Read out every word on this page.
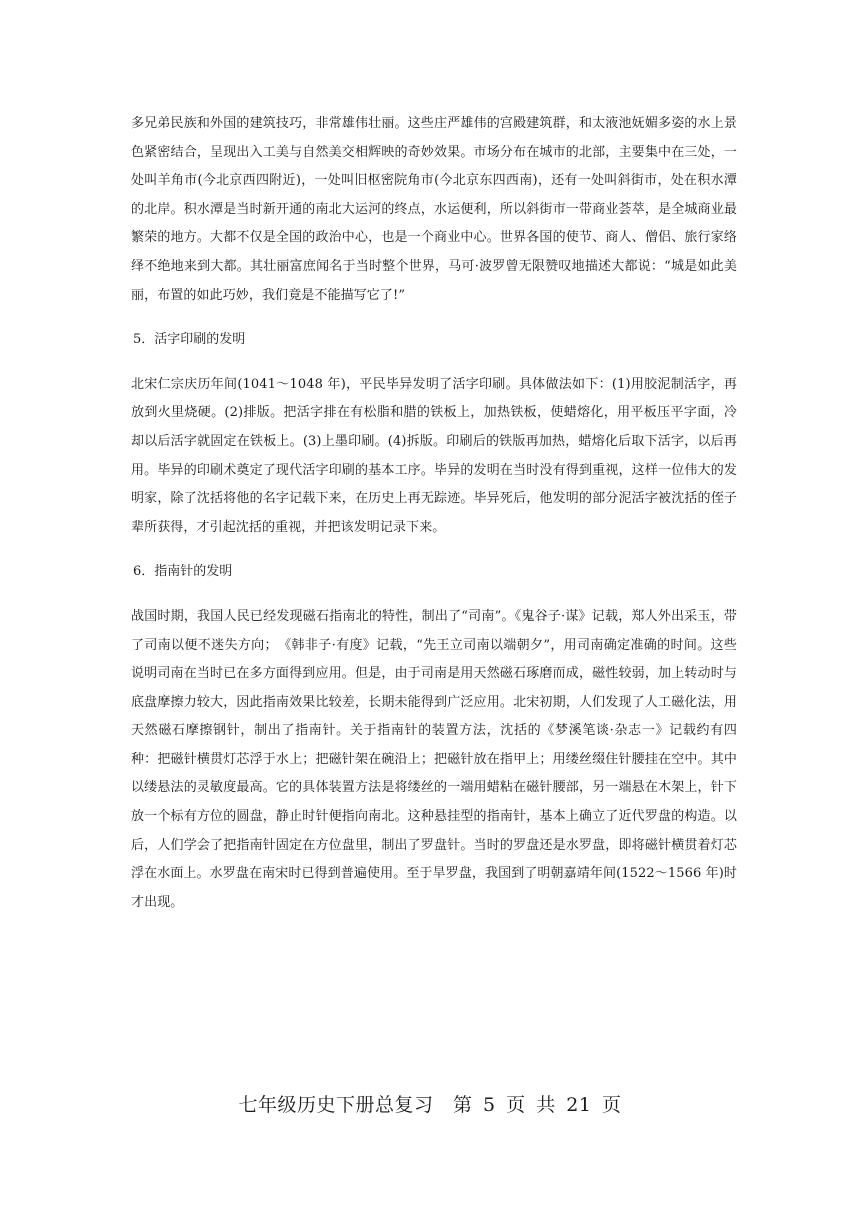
多兄弟民族和外国的建筑技巧，非常雄伟壮丽。这些庄严雄伟的宫殿建筑群，和太液池妩媚多姿的水上景色紧密结合，呈现出入工美与自然美交相辉映的奇妙效果。市场分布在城市的北部，主要集中在三处，一处叫羊角市(今北京西四附近)，一处叫旧枢密院角市(今北京东四西南)，还有一处叫斜街市，处在积水潭的北岸。积水潭是当时新开通的南北大运河的终点，水运便利，所以斜街市一带商业荟萃，是全城商业最繁荣的地方。大都不仅是全国的政治中心，也是一个商业中心。世界各国的使节、商人、僧侣、旅行家络绎不绝地来到大都。其壮丽富庶闻名于当时整个世界，马可·波罗曾无限赞叹地描述大都说：“城是如此美丽，布置的如此巧妙，我们竟是不能描写它了!”

5．活字印刷的发明

北宋仁宗庆历年间(1041～1048 年)，平民毕异发明了活字印刷。具体做法如下：(1)用胶泥制活字，再放到火里烧硬。(2)排版。把活字排在有松脂和腊的铁板上，加热铁板，使蜡熔化，用平板压平字面，冷却以后活字就固定在铁板上。(3)上墨印刷。(4)拆版。印刷后的铁版再加热，蜡熔化后取下活字，以后再用。毕异的印刷术奠定了现代活字印刷的基本工序。毕异的发明在当时没有得到重视，这样一位伟大的发明家，除了沈括将他的名字记载下来，在历史上再无踪迹。毕异死后，他发明的部分泥活字被沈括的侄子辈所获得，才引起沈括的重视，并把该发明记录下来。

6．指南针的发明

战国时期，我国人民已经发现磁石指南北的特性，制出了“司南”。《鬼谷子·谋》记载，郑人外出采玉，带了司南以便不迷失方向；　《韩非子·有度》记载，“先王立司南以端朝夕”，用司南确定准确的时间。这些说明司南在当时已在多方面得到应用。但是，由于司南是用天然磁石琢磨而成，磁性较弱，加上转动时与底盘摩擦力较大，因此指南效果比较差，长期未能得到广泛应用。北宋初期，人们发现了人工磁化法，用天然磁石摩擦钢针，制出了指南针。关于指南针的装置方法，沈括的《梦溪笔谈·杂志一》记载约有四种：把磁针横贯灯芯浮于水上；把磁针架在碗沿上；把磁针放在指甲上；用缕丝缀住针腰挂在空中。其中以缕悬法的灵敏度最高。它的具体装置方法是将缕丝的一端用蜡粘在磁针腰部，另一端悬在木架上，针下放一个标有方位的圆盘，静止时针便指向南北。这种悬挂型的指南针，基本上确立了近代罗盘的构造。以后，人们学会了把指南针固定在方位盘里，制出了罗盘针。当时的罗盘还是水罗盘，即将磁针横贯着灯芯浮在水面上。水罗盘在南宋时已得到普遍使用。至于旱罗盘，我国到了明朝嘉靖年间(1522～1566 年)时才出现。

七年级历史下册总复习　第 5 页 共 21 页
